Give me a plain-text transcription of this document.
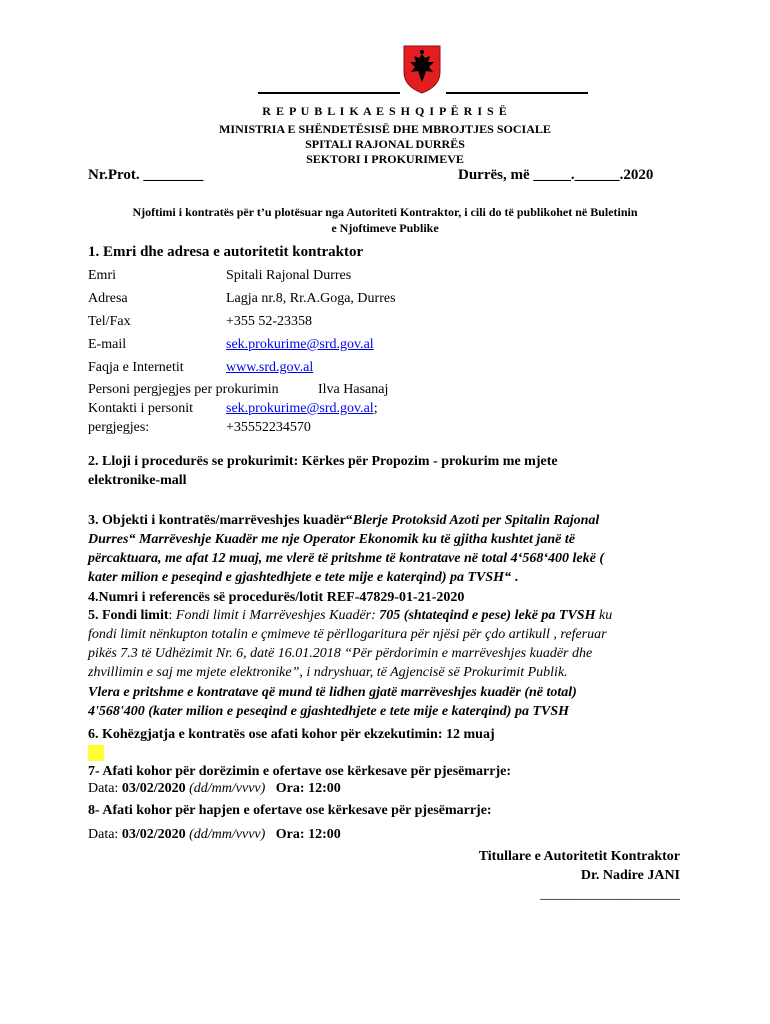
R E P U B L I K A E S H Q I P Ë R I S Ë
MINISTRIA E SHËNDETËSISË DHE MBROJTJES SOCIALE
SPITALI RAJONAL DURRËS
SEKTORI I PROKURIMEVE
Nr.Prot. ________	Durrës, më _____.______.2020
Njoftimi i kontratës për t’u plotësuar nga Autoriteti Kontraktor, i cili do të publikohet në Buletinin
e Njoftimeve Publike
1. Emri dhe adresa e autoritetit kontraktor
Emri	Spitali Rajonal Durres
Adresa	Lagja nr.8, Rr.A.Goga, Durres
Tel/Fax	+355 52-23358
E-mail	sek.prokurime@srd.gov.al
Faqja e Internetit	www.srd.gov.al
Personi pergjegjes per prokurimin	Ilva Hasanaj
Kontakti i personit sek.prokurime@srd.gov.al;
pergjegjes:	+35552234570
2. Lloji i procedurës se prokurimit: Kërkes për Propozim - prokurim me mjete
elektronike-mall
3. Objekti i kontratës/marrëveshjes kuadër“Blerje Protoksid Azoti per Spitalin Rajonal
Durres“ Marrëveshje Kuadër me nje Operator Ekonomik ku të gjitha kushtet janë të
përcaktuara, me afat 12 muaj, me vlerë të pritshme të kontratave në total 4‘568‘400 lekë (
kater milion e peseqind e gjashtedhjete e tete mije e katerqind) pa TVSH“ .
4.Numri i referencës së procedurës/lotit REF-47829-01-21-2020
5. Fondi limit: Fondi limit i Marrëveshjes Kuadër: 705 (shtateqind e pese) lekë pa TVSH ku
fondi limit nënkupton totalin e çmimeve të përllogaritura për njësi për çdo artikull , referuar
pikës 7.3 të Udhëzimit Nr. 6, datë 16.01.2018 “Për përdorimin e marrëveshjes kuadër dhe
zhvillimin e saj me mjete elektronike”, i ndryshuar, të Agjencisë së Prokurimit Publik.
Vlera e pritshme e kontratave që mund të lidhen gjatë marrëveshjes kuadër (në total)
4'568'400 (kater milion e peseqind e gjashtedhjete e tete mije e katerqind) pa TVSH
6. Kohëzgjatja e kontratës ose afati kohor për ekzekutimin: 12 muaj
7- Afati kohor për dorëzimin e ofertave ose kërkesave për pjesëmarrje:
Data: 03/02/2020 (dd/mm/vvvv) Ora: 12:00
8- Afati kohor për hapjen e ofertave ose kërkesave për pjesëmarrje:
Data: 03/02/2020 (dd/mm/vvvv) Ora: 12:00
Titullare e Autoritetit Kontraktor
Dr. Nadire JANI
____________________
